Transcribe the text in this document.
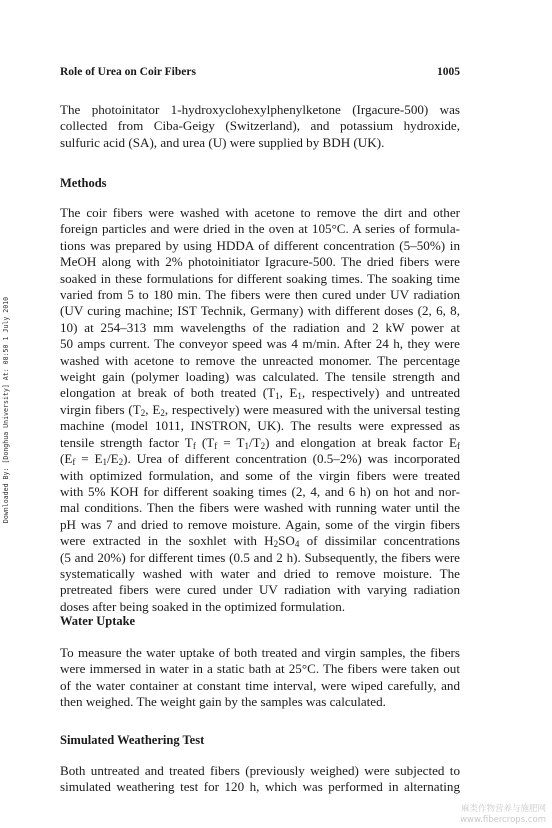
Role of Urea on Coir Fibers	1005
Downloaded By: [Donghua University] At: 08:50 1 July 2010

The photoinitator 1-hydroxyclohexylphenylketone (Irgacure-500) was
collected from Ciba-Geigy (Switzerland), and potassium hydroxide,
sulfuric acid (SA), and urea (U) were supplied by BDH (UK).

Methods

The coir fibers were washed with acetone to remove the dirt and other
foreign particles and were dried in the oven at 105°C. A series of formula-
tions was prepared by using HDDA of different concentration (5–50%) in
MeOH along with 2% photoinitiator Igracure-500. The dried fibers were
soaked in these formulations for different soaking times. The soaking time
varied from 5 to 180 min. The fibers were then cured under UV radiation
(UV curing machine; IST Technik, Germany) with different doses (2, 6, 8,
10) at 254–313 mm wavelengths of the radiation and 2 kW power at
50 amps current. The conveyor speed was 4 m/min. After 24 h, they were
washed with acetone to remove the unreacted monomer. The percentage
weight gain (polymer loading) was calculated. The tensile strength and
elongation at break of both treated ($T_1$, $E_1$, respectively) and untreated
virgin fibers ($T_2$, $E_2$, respectively) were measured with the universal testing
machine (model 1011, INSTRON, UK). The results were expressed as
tensile strength factor $T_f$ $(T_f = T_1/T_2)$ and elongation at break factor $E_f$
$(E_f = E_1/E_2)$. Urea of different concentration (0.5–2%) was incorporated
with optimized formulation, and some of the virgin fibers were treated
with 5% KOH for different soaking times (2, 4, and 6 h) on hot and nor-
mal conditions. Then the fibers were washed with running water until the
pH was 7 and dried to remove moisture. Again, some of the virgin fibers
were extracted in the soxhlet with $H_2SO_4$ of dissimilar concentrations
(5 and 20%) for different times (0.5 and 2 h). Subsequently, the fibers were
systematically washed with water and dried to remove moisture. The
pretreated fibers were cured under UV radiation with varying radiation
doses after being soaked in the optimized formulation.

Water Uptake

To measure the water uptake of both treated and virgin samples, the fibers
were immersed in water in a static bath at 25°C. The fibers were taken out
of the water container at constant time interval, were wiped carefully, and
then weighed. The weight gain by the samples was calculated.

Simulated Weathering Test

Both untreated and treated fibers (previously weighed) were subjected to
simulated weathering test for 120 h, which was performed in alternating

麻类作物营养与施肥网
www.fibercrops.com
